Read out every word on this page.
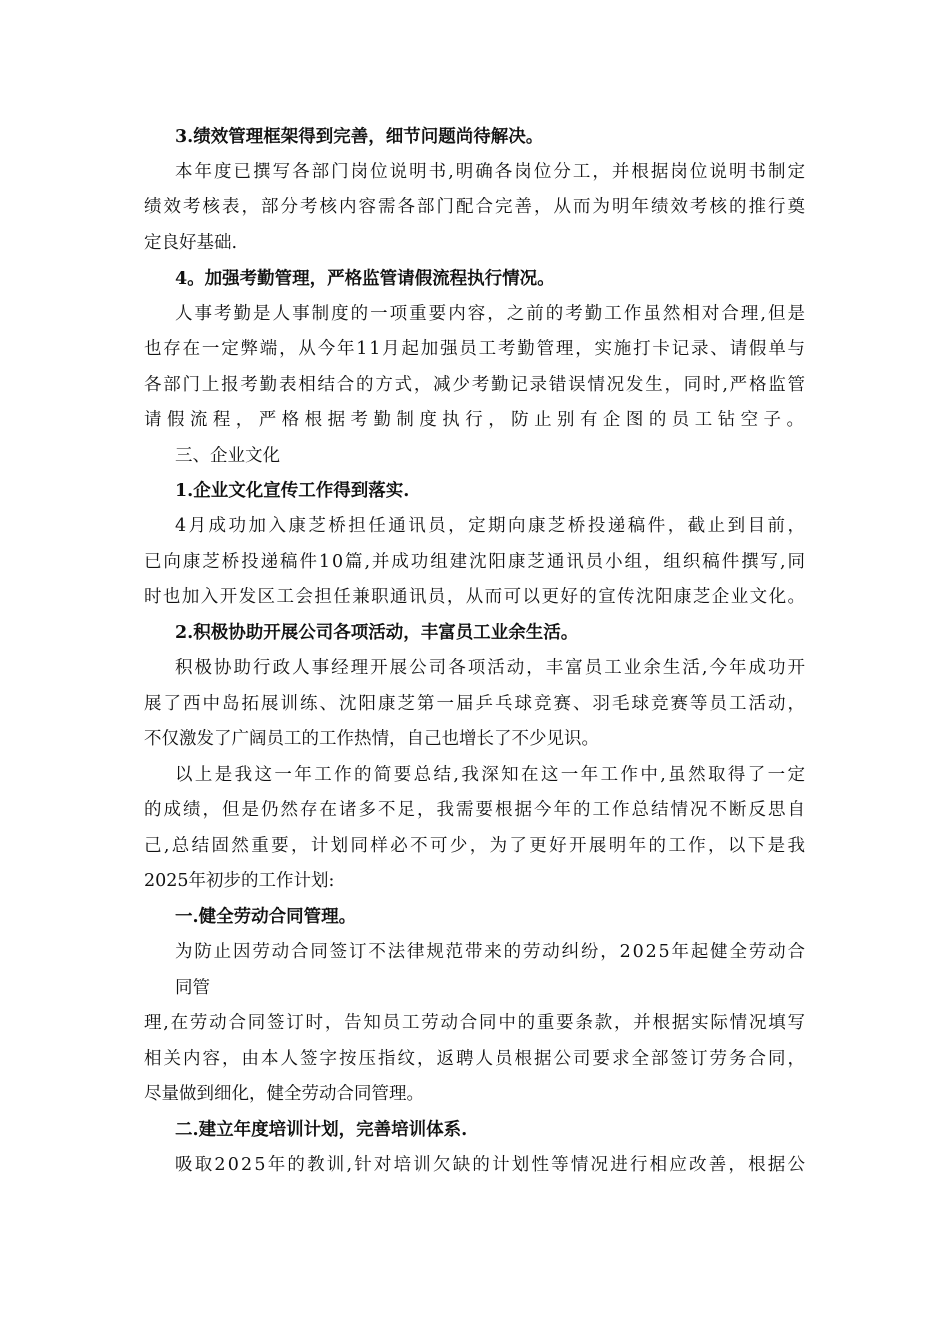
3.绩效管理框架得到完善，细节问题尚待解决。
本年度已撰写各部门岗位说明书,明确各岗位分工，并根据岗位说明书制定
绩效考核表，部分考核内容需各部门配合完善，从而为明年绩效考核的推行奠
定良好基础.
4。加强考勤管理，严格监管请假流程执行情况。
人事考勤是人事制度的一项重要内容，之前的考勤工作虽然相对合理,但是
也存在一定弊端，从今年11月起加强员工考勤管理，实施打卡记录、请假单与
各部门上报考勤表相结合的方式，减少考勤记录错误情况发生，同时,严格监管
请假流程，严格根据考勤制度执行，防止别有企图的员工钻空子。
三、企业文化
1.企业文化宣传工作得到落实.
4月成功加入康芝桥担任通讯员，定期向康芝桥投递稿件，截止到目前，
已向康芝桥投递稿件10篇,并成功组建沈阳康芝通讯员小组，组织稿件撰写,同
时也加入开发区工会担任兼职通讯员，从而可以更好的宣传沈阳康芝企业文化。
2.积极协助开展公司各项活动，丰富员工业余生活。
积极协助行政人事经理开展公司各项活动，丰富员工业余生活,今年成功开
展了西中岛拓展训练、沈阳康芝第一届乒乓球竞赛、羽毛球竞赛等员工活动，
不仅激发了广阔员工的工作热情，自己也增长了不少见识。
以上是我这一年工作的简要总结,我深知在这一年工作中,虽然取得了一定
的成绩，但是仍然存在诸多不足，我需要根据今年的工作总结情况不断反思自
己,总结固然重要，计划同样必不可少，为了更好开展明年的工作，以下是我
2025年初步的工作计划:
一.健全劳动合同管理。
为防止因劳动合同签订不法律规范带来的劳动纠纷，2025年起健全劳动合
同管
理,在劳动合同签订时，告知员工劳动合同中的重要条款，并根据实际情况填写
相关内容，由本人签字按压指纹，返聘人员根据公司要求全部签订劳务合同，
尽量做到细化，健全劳动合同管理。
二.建立年度培训计划，完善培训体系.
吸取2025年的教训,针对培训欠缺的计划性等情况进行相应改善，根据公
